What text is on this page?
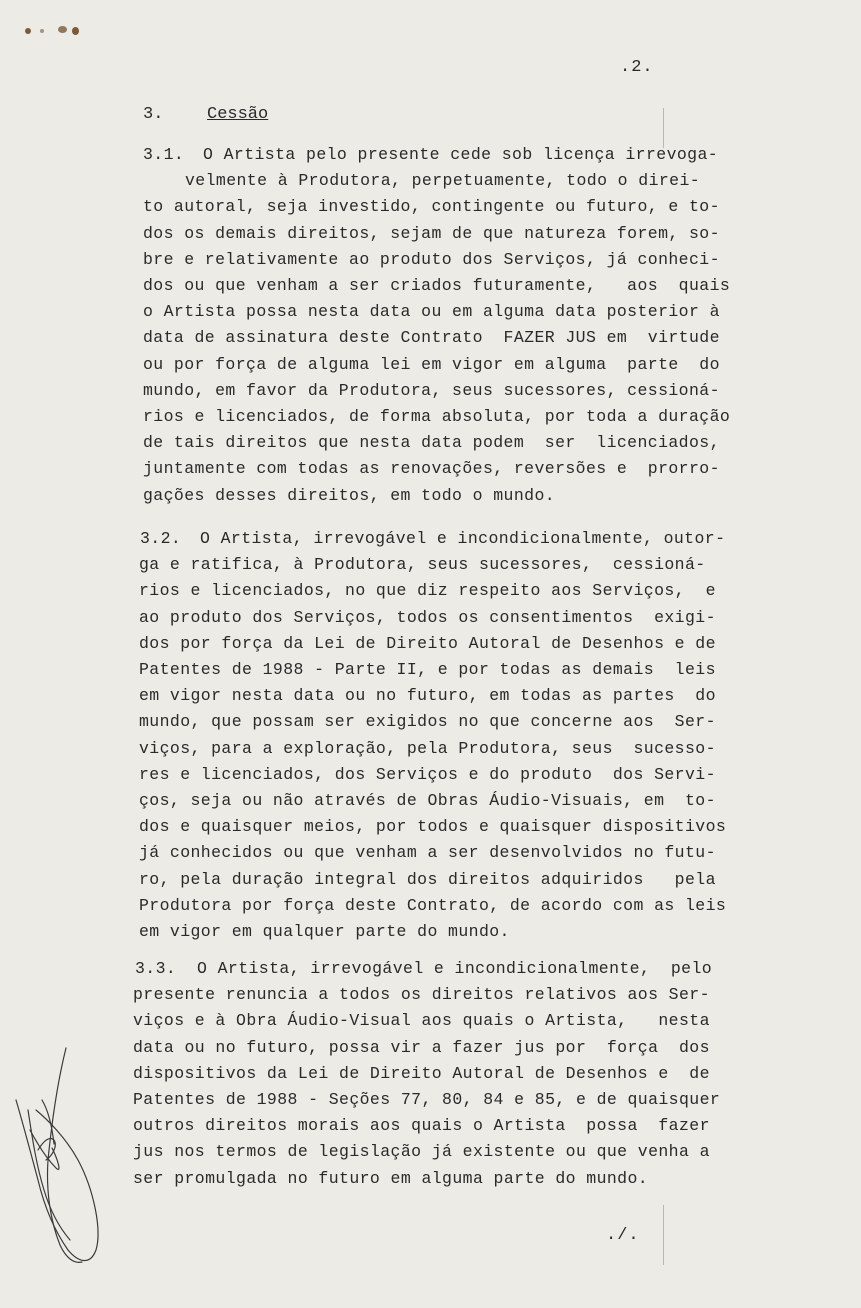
.2.
3.	Cessão
3.1. O Artista pelo presente cede sob licença irrevoga-
velmente à Produtora, perpetuamente, todo o direi-
to autoral, seja investido, contingente ou futuro, e to-
dos os demais direitos, sejam de que natureza forem, so-
bre e relativamente ao produto dos Serviços, já conheci-
dos ou que venham a ser criados futuramente,   aos  quais
o Artista possa nesta data ou em alguma data posterior à
data de assinatura deste Contrato  FAZER JUS em  virtude
ou por força de alguma lei em vigor em alguma  parte  do
mundo, em favor da Produtora, seus sucessores, cessioná-
rios e licenciados, de forma absoluta, por toda a duração
de tais direitos que nesta data podem  ser  licenciados,
juntamente com todas as renovações, reversões e  prorro-
gações desses direitos, em todo o mundo.
3.2. O Artista, irrevogável e incondicionalmente, outor-
ga e ratifica, à Produtora, seus sucessores,  cessioná-
rios e licenciados, no que diz respeito aos Serviços,  e
ao produto dos Serviços, todos os consentimentos  exigi-
dos por força da Lei de Direito Autoral de Desenhos e de
Patentes de 1988 - Parte II, e por todas as demais  leis
em vigor nesta data ou no futuro, em todas as partes  do
mundo, que possam ser exigidos no que concerne aos  Ser-
viços, para a exploração, pela Produtora, seus  sucesso-
res e licenciados, dos Serviços e do produto  dos Servi-
ços, seja ou não através de Obras Áudio-Visuais, em  to-
dos e quaisquer meios, por todos e quaisquer dispositivos
já conhecidos ou que venham a ser desenvolvidos no futu-
ro, pela duração integral dos direitos adquiridos   pela
Produtora por força deste Contrato, de acordo com as leis
em vigor em qualquer parte do mundo.
3.3. O Artista, irrevogável e incondicionalmente,  pelo
presente renuncia a todos os direitos relativos aos Ser-
viços e à Obra Áudio-Visual aos quais o Artista,   nesta
data ou no futuro, possa vir a fazer jus por  força  dos
dispositivos da Lei de Direito Autoral de Desenhos e  de
Patentes de 1988 - Seções 77, 80, 84 e 85, e de quaisquer
outros direitos morais aos quais o Artista  possa  fazer
jus nos termos de legislação já existente ou que venha a
ser promulgada no futuro em alguma parte do mundo.
./.
